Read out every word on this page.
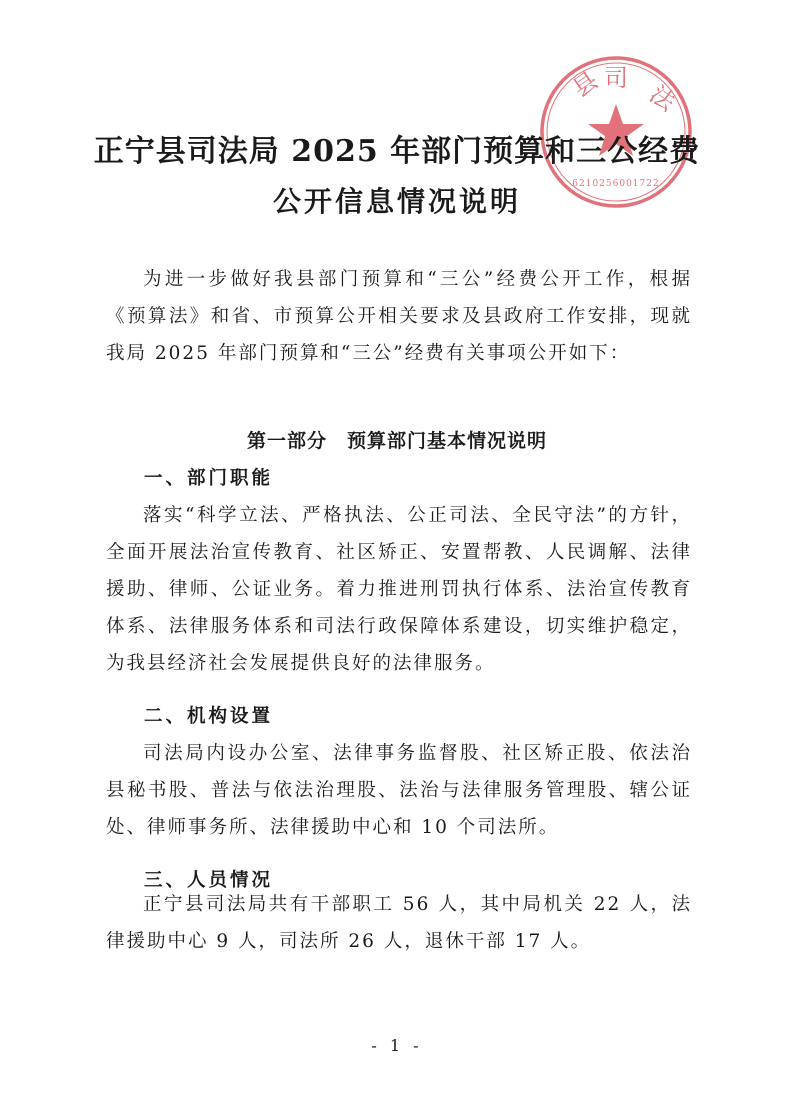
县 司
法
6210256001722
正宁县司法局 2025 年部门预算和三公经费
公开信息情况说明

为进一步做好我县部门预算和“三公”经费公开工作，根据《预算法》和省、市预算公开相关要求及县政府工作安排，现就我局 2025 年部门预算和“三公”经费有关事项公开如下：

第一部分 预算部门基本情况说明
一、部门职能

落实“科学立法、严格执法、公正司法、全民守法”的方针，全面开展法治宣传教育、社区矫正、安置帮教、人民调解、法律援助、律师、公证业务。着力推进刑罚执行体系、法治宣传教育体系、法律服务体系和司法行政保障体系建设，切实维护稳定，为我县经济社会发展提供良好的法律服务。

二、机构设置

司法局内设办公室、法律事务监督股、社区矫正股、依法治县秘书股、普法与依法治理股、法治与法律服务管理股、辖公证处、律师事务所、法律援助中心和 10 个司法所。

三、人员情况

正宁县司法局共有干部职工 56 人，其中局机关 22 人，法律援助中心 9 人，司法所 26 人，退休干部 17 人。

- 1 -
